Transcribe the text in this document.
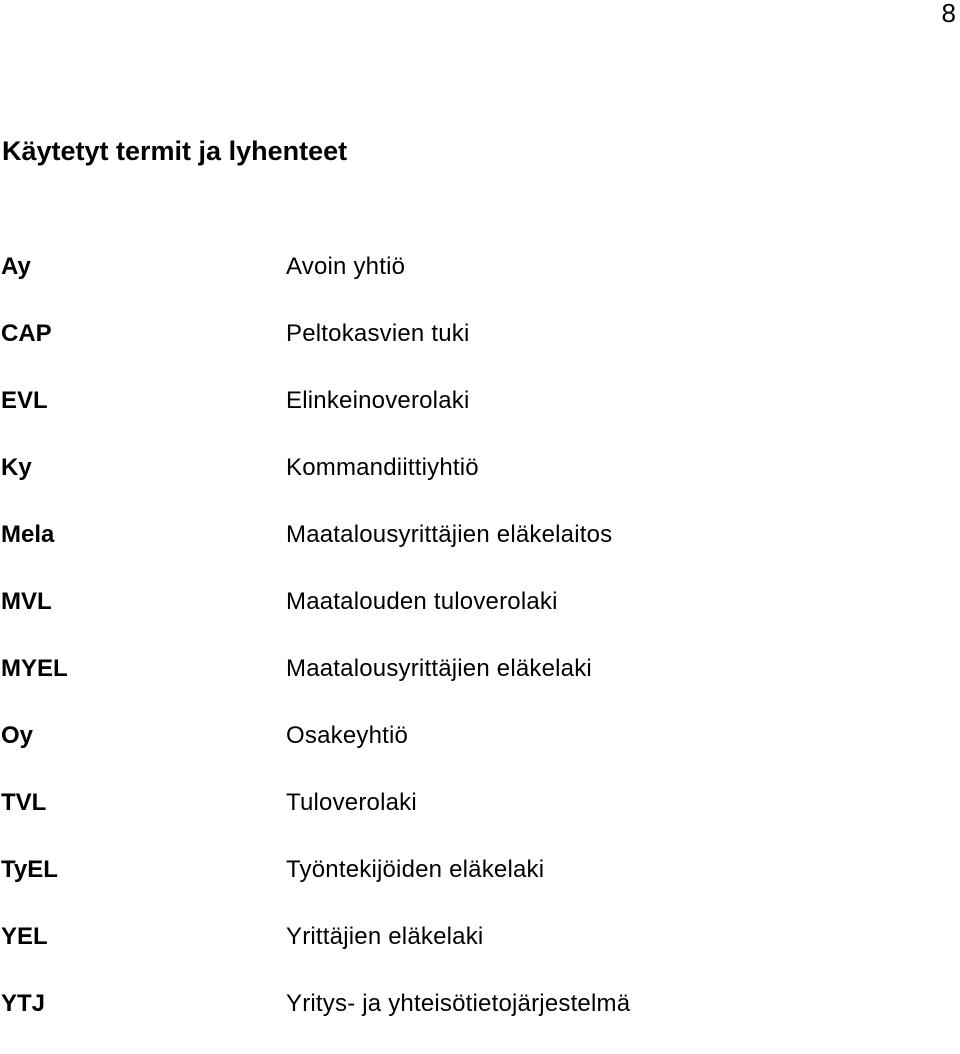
8
Käytetyt termit ja lyhenteet
Ay	Avoin yhtiö
CAP	Peltokasvien tuki
EVL	Elinkeinoverolaki
Ky	Kommandiittiyhtiö
Mela	Maatalousyrittäjien eläkelaitos
MVL	Maatalouden tuloverolaki
MYEL	Maatalousyrittäjien eläkelaki
Oy	Osakeyhtiö
TVL	Tuloverolaki
TyEL	Työntekijöiden eläkelaki
YEL	Yrittäjien eläkelaki
YTJ	Yritys- ja yhteisötietojärjestelmä
